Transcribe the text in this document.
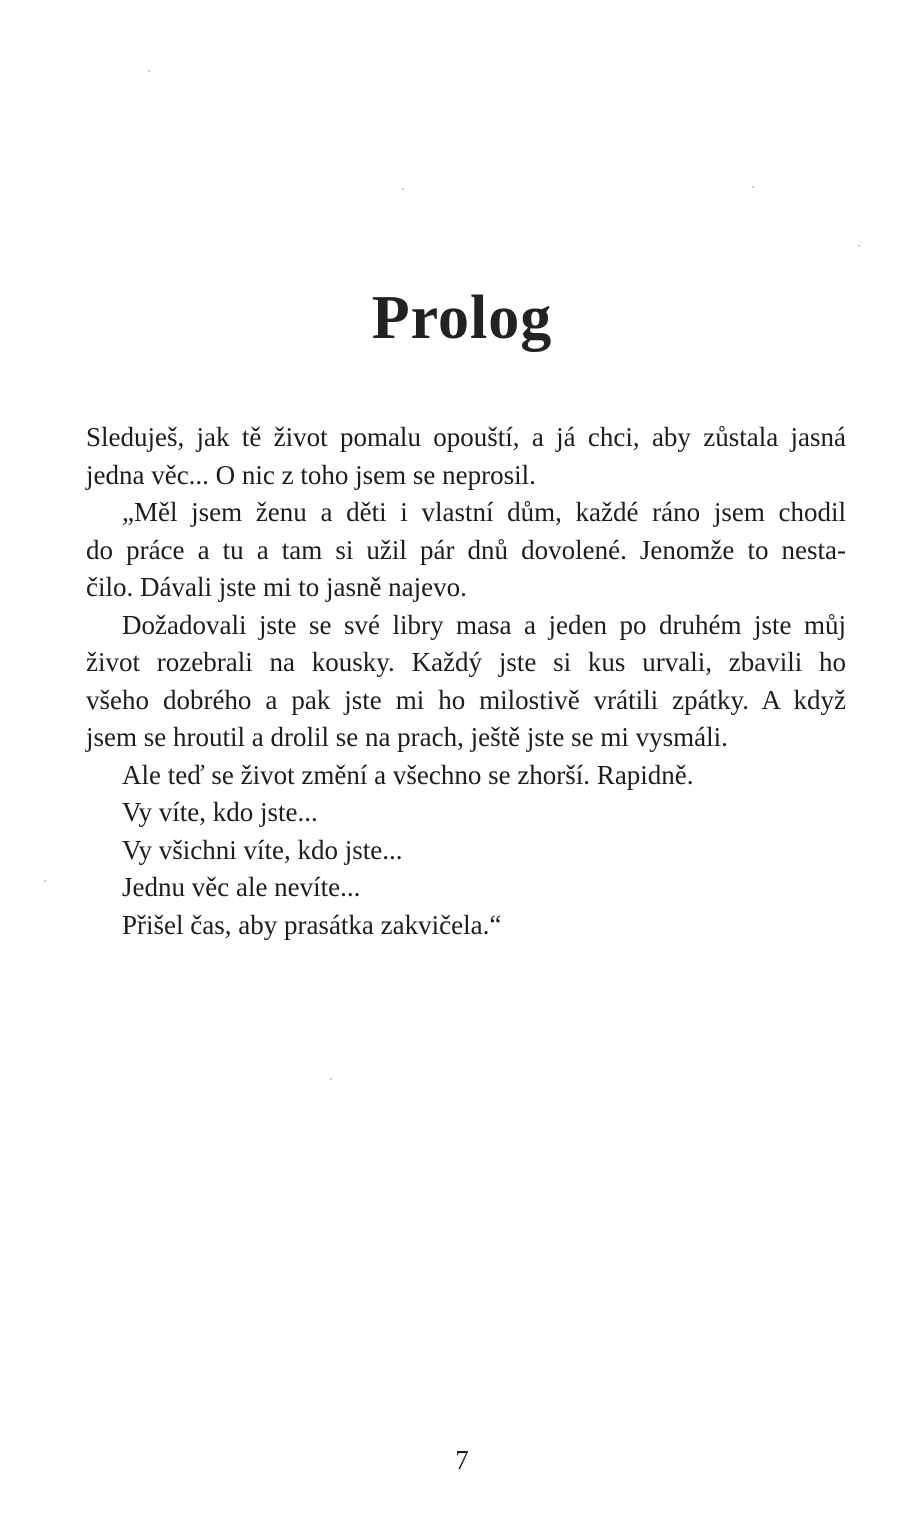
Prolog

Sleduješ, jak tě život pomalu opouští, a já chci, aby zůstala jasná
jedna věc... O nic z toho jsem se neprosil.

„Měl jsem ženu a děti i vlastní dům, každé ráno jsem chodil
do práce a tu a tam si užil pár dnů dovolené. Jenomže to nesta-
čilo. Dávali jste mi to jasně najevo.

Dožadovali jste se své libry masa a jeden po druhém jste můj
život rozebrali na kousky. Každý jste si kus urvali, zbavili ho
všeho dobrého a pak jste mi ho milostivě vrátili zpátky. A když
jsem se hroutil a drolil se na prach, ještě jste se mi vysmáli.

Ale teď se život změní a všechno se zhorší. Rapidně.

Vy víte, kdo jste...

Vy všichni víte, kdo jste...

Jednu věc ale nevíte...

Přišel čas, aby prasátka zakvičela.“

7
